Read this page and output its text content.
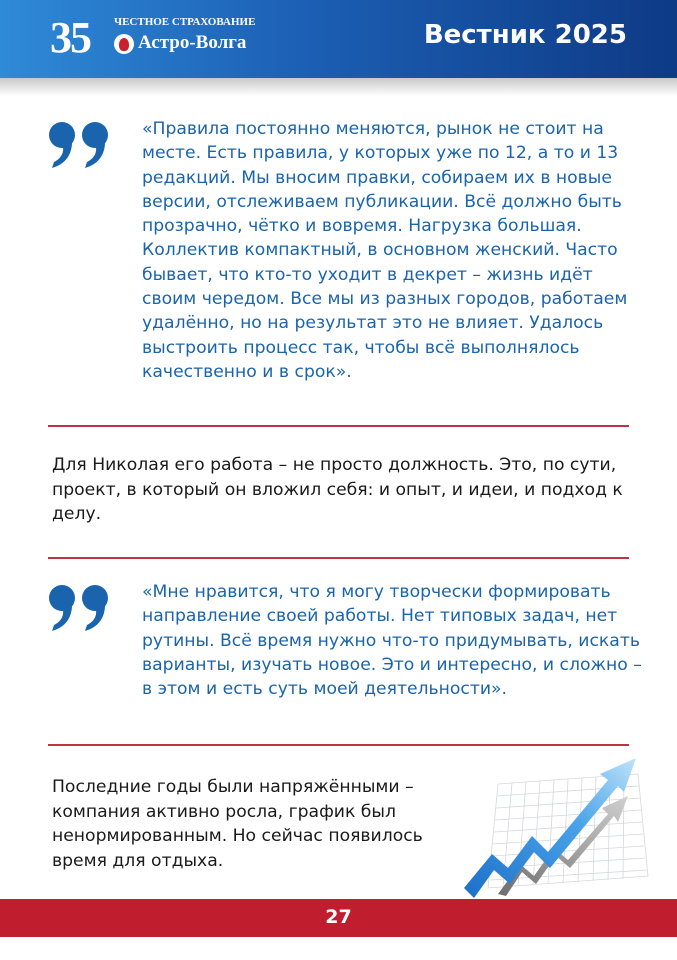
35 ЧЕСТНОЕ СТРАХОВАНИЕ
Астро-Волга	Вестник 2025
«Правила постоянно меняются, рынок не стоит на месте. Есть правила, у которых уже по 12, а то и 13 редакций. Мы вносим правки, собираем их в новые версии, отслеживаем публикации. Всё должно быть прозрачно, чётко и вовремя. Нагрузка большая. Коллектив компактный, в основном женский. Часто бывает, что кто-то уходит в декрет – жизнь идёт своим чередом. Все мы из разных городов, работаем удалённо, но на результат это не влияет. Удалось выстроить процесс так, чтобы всё выполнялось качественно и в срок».
Для Николая его работа – не просто должность. Это, по сути, проект, в который он вложил себя: и опыт, и идеи, и подход к делу.
«Мне нравится, что я могу творчески формировать направление своей работы. Нет типовых задач, нет рутины. Всё время нужно что-то придумывать, искать варианты, изучать новое. Это и интересно, и сложно – в этом и есть суть моей деятельности».
Последние годы были напряжёнными – компания активно росла, график был ненормированным. Но сейчас появилось время для отдыха.
27
